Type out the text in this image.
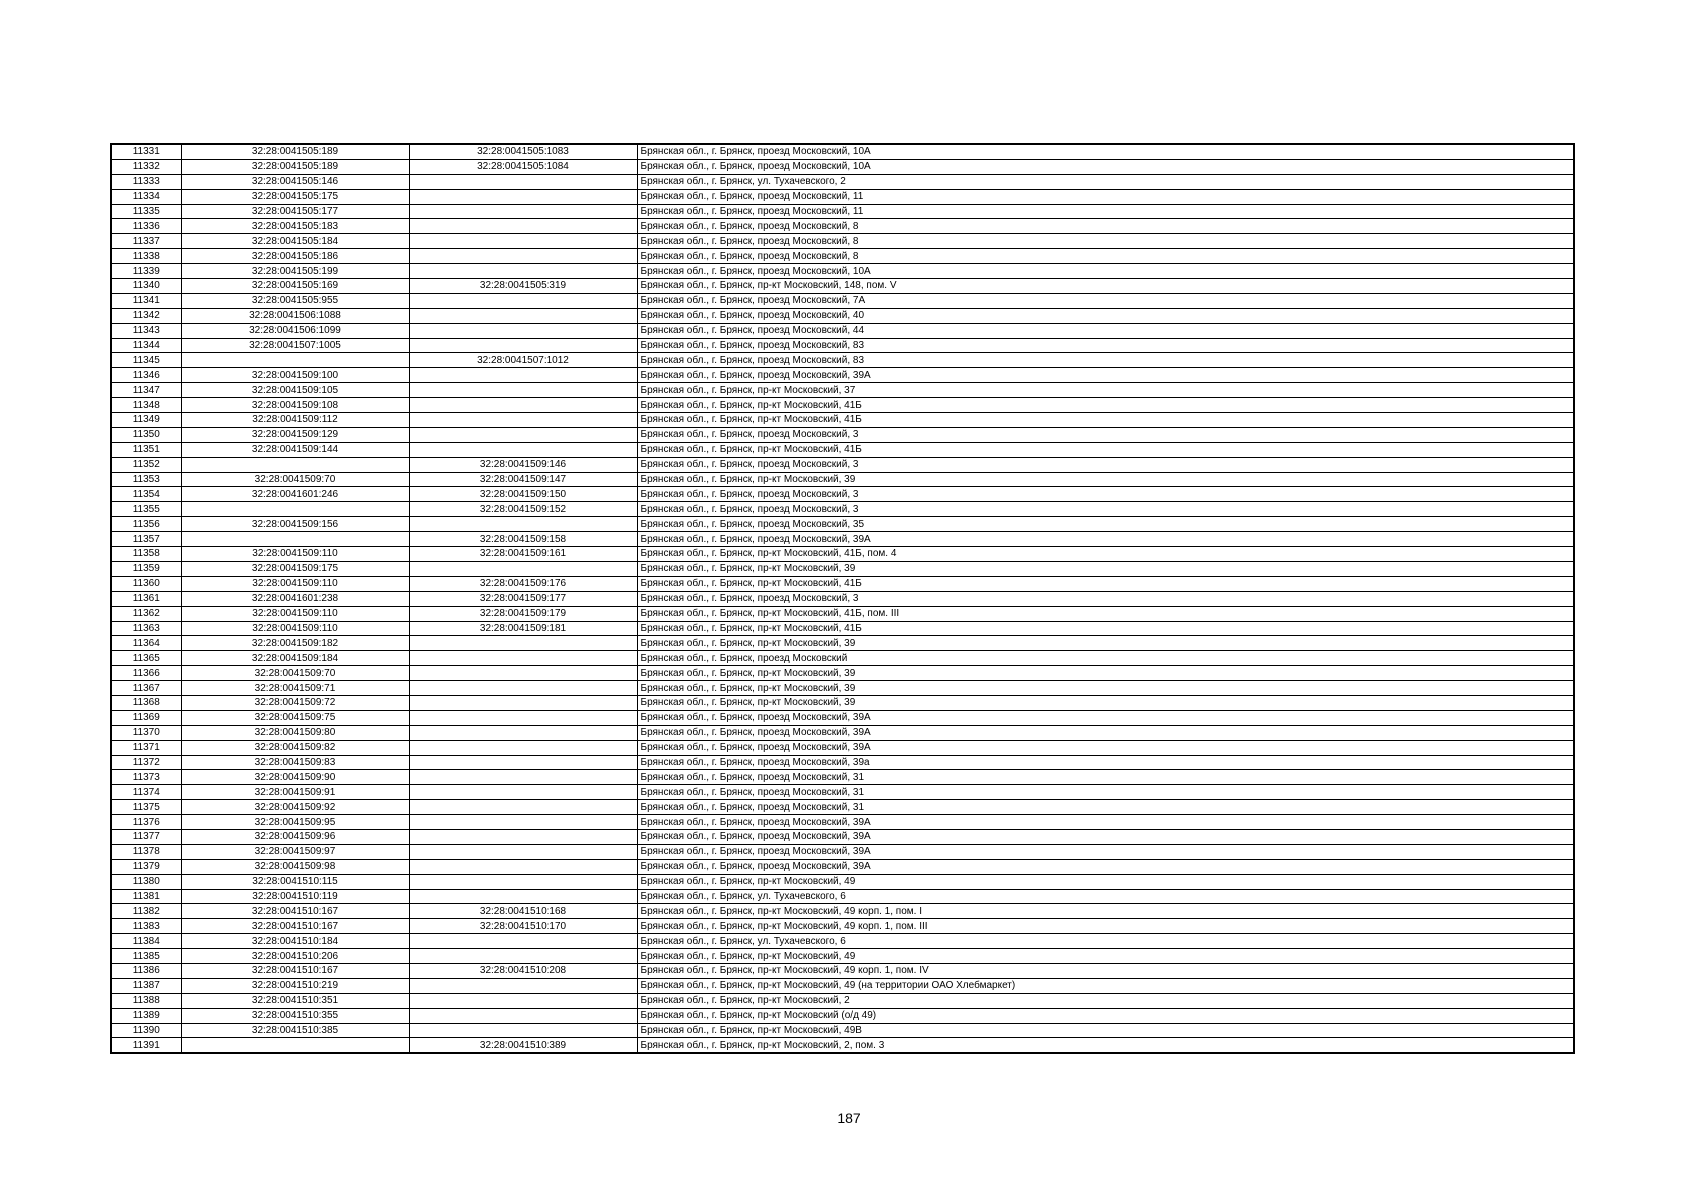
11331	32:28:0041505:189	32:28:0041505:1083	Брянская обл., г. Брянск, проезд Московский, 10А
11332	32:28:0041505:189	32:28:0041505:1084	Брянская обл., г. Брянск, проезд Московский, 10А
11333	32:28:0041505:146		Брянская обл., г. Брянск, ул. Тухачевского, 2
11334	32:28:0041505:175		Брянская обл., г. Брянск, проезд Московский, 11
11335	32:28:0041505:177		Брянская обл., г. Брянск, проезд Московский, 11
11336	32:28:0041505:183		Брянская обл., г. Брянск, проезд Московский, 8
11337	32:28:0041505:184		Брянская обл., г. Брянск, проезд Московский, 8
11338	32:28:0041505:186		Брянская обл., г. Брянск, проезд Московский, 8
11339	32:28:0041505:199		Брянская обл., г. Брянск, проезд Московский, 10А
11340	32:28:0041505:169	32:28:0041505:319	Брянская обл., г. Брянск, пр-кт Московский, 148, пом. V
11341	32:28:0041505:955		Брянская обл., г. Брянск, проезд Московский, 7А
11342	32:28:0041506:1088		Брянская обл., г. Брянск, проезд Московский, 40
11343	32:28:0041506:1099		Брянская обл., г. Брянск, проезд Московский, 44
11344	32:28:0041507:1005		Брянская обл., г. Брянск, проезд Московский, 83
11345		32:28:0041507:1012	Брянская обл., г. Брянск, проезд Московский, 83
11346	32:28:0041509:100		Брянская обл., г. Брянск, проезд Московский, 39А
11347	32:28:0041509:105		Брянская обл., г. Брянск, пр-кт Московский, 37
11348	32:28:0041509:108		Брянская обл., г. Брянск, пр-кт Московский, 41Б
11349	32:28:0041509:112		Брянская обл., г. Брянск, пр-кт Московский, 41Б
11350	32:28:0041509:129		Брянская обл., г. Брянск, проезд Московский, 3
11351	32:28:0041509:144		Брянская обл., г. Брянск, пр-кт Московский, 41Б
11352		32:28:0041509:146	Брянская обл., г. Брянск, проезд Московский, 3
11353	32:28:0041509:70	32:28:0041509:147	Брянская обл., г. Брянск, пр-кт Московский, 39
11354	32:28:0041601:246	32:28:0041509:150	Брянская обл., г. Брянск, проезд Московский, 3
11355		32:28:0041509:152	Брянская обл., г. Брянск, проезд Московский, 3
11356	32:28:0041509:156		Брянская обл., г. Брянск, проезд Московский, 35
11357		32:28:0041509:158	Брянская обл., г. Брянск, проезд Московский, 39А
11358	32:28:0041509:110	32:28:0041509:161	Брянская обл., г. Брянск, пр-кт Московский, 41Б, пом. 4
11359	32:28:0041509:175		Брянская обл., г. Брянск, пр-кт Московский, 39
11360	32:28:0041509:110	32:28:0041509:176	Брянская обл., г. Брянск, пр-кт Московский, 41Б
11361	32:28:0041601:238	32:28:0041509:177	Брянская обл., г. Брянск, проезд Московский, 3
11362	32:28:0041509:110	32:28:0041509:179	Брянская обл., г. Брянск, пр-кт Московский, 41Б, пом. III
11363	32:28:0041509:110	32:28:0041509:181	Брянская обл., г. Брянск, пр-кт Московский, 41Б
11364	32:28:0041509:182		Брянская обл., г. Брянск, пр-кт Московский, 39
11365	32:28:0041509:184		Брянская обл., г. Брянск, проезд Московский
11366	32:28:0041509:70		Брянская обл., г. Брянск, пр-кт Московский, 39
11367	32:28:0041509:71		Брянская обл., г. Брянск, пр-кт Московский, 39
11368	32:28:0041509:72		Брянская обл., г. Брянск, пр-кт Московский, 39
11369	32:28:0041509:75		Брянская обл., г. Брянск, проезд Московский, 39А
11370	32:28:0041509:80		Брянская обл., г. Брянск, проезд Московский, 39А
11371	32:28:0041509:82		Брянская обл., г. Брянск, проезд Московский, 39А
11372	32:28:0041509:83		Брянская обл., г. Брянск, проезд Московский, 39а
11373	32:28:0041509:90		Брянская обл., г. Брянск, проезд Московский, 31
11374	32:28:0041509:91		Брянская обл., г. Брянск, проезд Московский, 31
11375	32:28:0041509:92		Брянская обл., г. Брянск, проезд Московский, 31
11376	32:28:0041509:95		Брянская обл., г. Брянск, проезд Московский, 39А
11377	32:28:0041509:96		Брянская обл., г. Брянск, проезд Московский, 39А
11378	32:28:0041509:97		Брянская обл., г. Брянск, проезд Московский, 39А
11379	32:28:0041509:98		Брянская обл., г. Брянск, проезд Московский, 39А
11380	32:28:0041510:115		Брянская обл., г. Брянск, пр-кт Московский, 49
11381	32:28:0041510:119		Брянская обл., г. Брянск, ул. Тухачевского, 6
11382	32:28:0041510:167	32:28:0041510:168	Брянская обл., г. Брянск, пр-кт Московский, 49 корп. 1, пом. I
11383	32:28:0041510:167	32:28:0041510:170	Брянская обл., г. Брянск, пр-кт Московский, 49 корп. 1, пом. III
11384	32:28:0041510:184		Брянская обл., г. Брянск, ул. Тухачевского, 6
11385	32:28:0041510:206		Брянская обл., г. Брянск, пр-кт Московский, 49
11386	32:28:0041510:167	32:28:0041510:208	Брянская обл., г. Брянск, пр-кт Московский, 49 корп. 1, пом. IV
11387	32:28:0041510:219		Брянская обл., г. Брянск, пр-кт Московский, 49 (на территории ОАО Хлебмаркет)
11388	32:28:0041510:351		Брянская обл., г. Брянск, пр-кт Московский, 2
11389	32:28:0041510:355		Брянская обл., г. Брянск, пр-кт Московский (о/д 49)
11390	32:28:0041510:385		Брянская обл., г. Брянск, пр-кт Московский, 49В
11391		32:28:0041510:389	Брянская обл., г. Брянск, пр-кт Московский, 2, пом. 3
187
